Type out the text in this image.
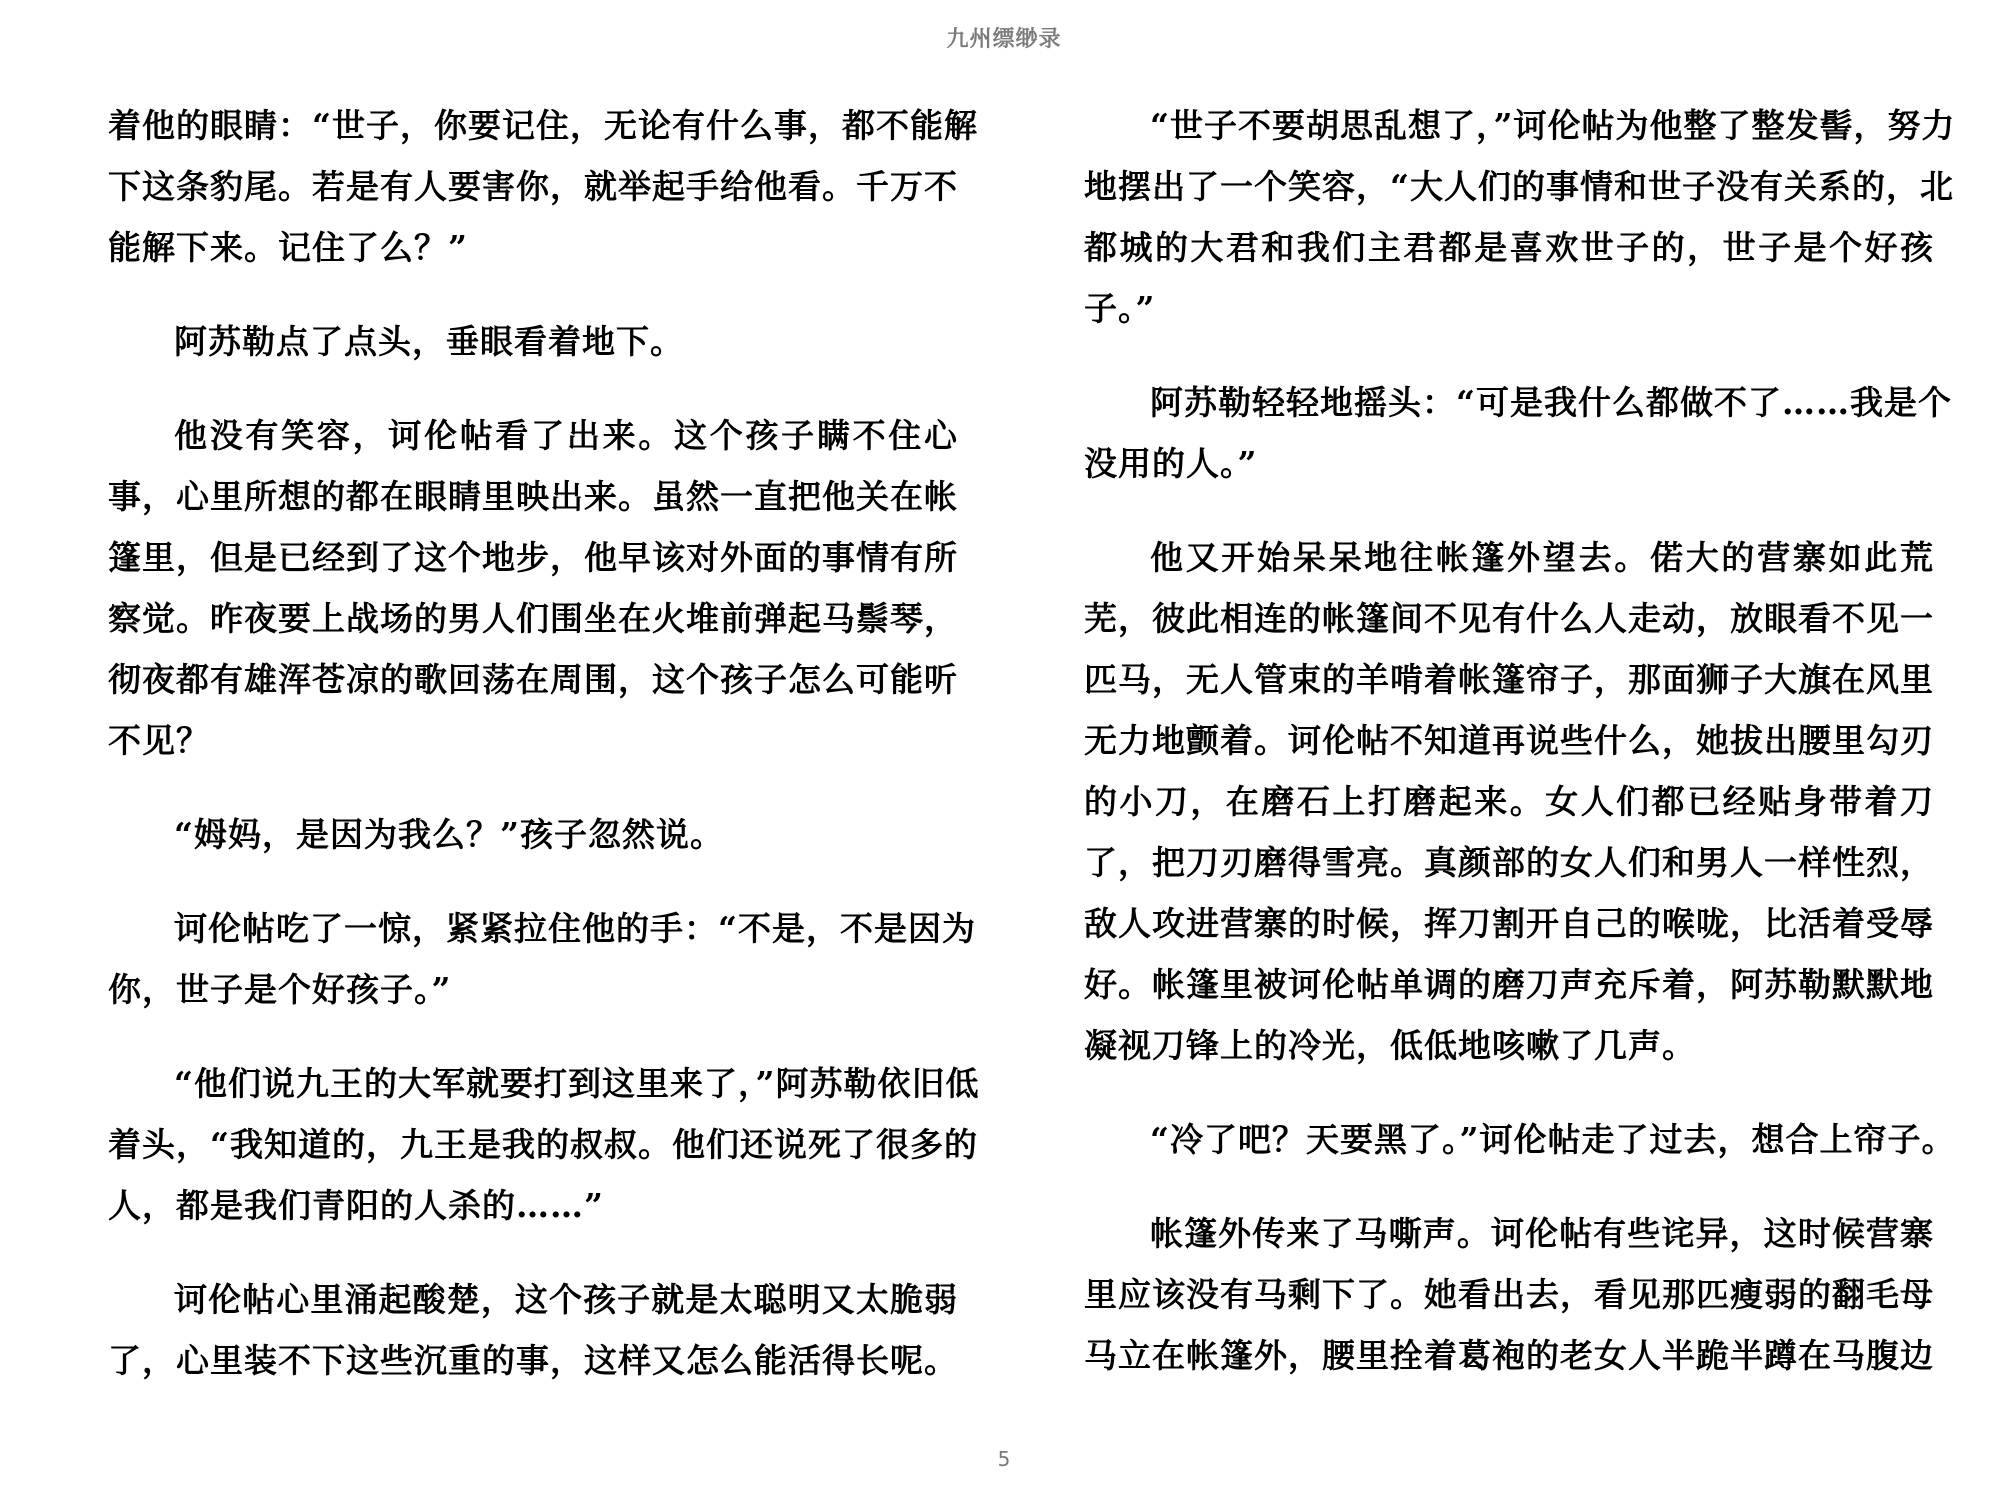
九州缥缈录
着他的眼睛：“世子，你要记住，无论有什么事，都不能解
下这条豹尾。若是有人要害你，就举起手给他看。千万不
能解下来。记住了么？”
阿苏勒点了点头，垂眼看着地下。
他没有笑容，诃伦帖看了出来。这个孩子瞒不住心
事，心里所想的都在眼睛里映出来。虽然一直把他关在帐
篷里，但是已经到了这个地步，他早该对外面的事情有所
察觉。昨夜要上战场的男人们围坐在火堆前弹起马鬃琴，
彻夜都有雄浑苍凉的歌回荡在周围，这个孩子怎么可能听
不见？
“姆妈，是因为我么？”孩子忽然说。
诃伦帖吃了一惊，紧紧拉住他的手：“不是，不是因为
你，世子是个好孩子。”
“他们说九王的大军就要打到这里来了，”阿苏勒依旧低
着头，“我知道的，九王是我的叔叔。他们还说死了很多的
人，都是我们青阳的人杀的……”
诃伦帖心里涌起酸楚，这个孩子就是太聪明又太脆弱
了，心里装不下这些沉重的事，这样又怎么能活得长呢。
“世子不要胡思乱想了，”诃伦帖为他整了整发髻，努力
地摆出了一个笑容，“大人们的事情和世子没有关系的，北
都城的大君和我们主君都是喜欢世子的，世子是个好孩
子。”
阿苏勒轻轻地摇头：“可是我什么都做不了……我是个
没用的人。”
他又开始呆呆地往帐篷外望去。偌大的营寨如此荒
芜，彼此相连的帐篷间不见有什么人走动，放眼看不见一
匹马，无人管束的羊啃着帐篷帘子，那面狮子大旗在风里
无力地颤着。诃伦帖不知道再说些什么，她拔出腰里勾刃
的小刀，在磨石上打磨起来。女人们都已经贴身带着刀
了，把刀刃磨得雪亮。真颜部的女人们和男人一样性烈，
敌人攻进营寨的时候，挥刀割开自己的喉咙，比活着受辱
好。帐篷里被诃伦帖单调的磨刀声充斥着，阿苏勒默默地
凝视刀锋上的冷光，低低地咳嗽了几声。
“冷了吧？天要黑了。”诃伦帖走了过去，想合上帘子。
帐篷外传来了马嘶声。诃伦帖有些诧异，这时候营寨
里应该没有马剩下了。她看出去，看见那匹瘦弱的翻毛母
马立在帐篷外，腰里拴着葛袍的老女人半跪半蹲在马腹边
5
